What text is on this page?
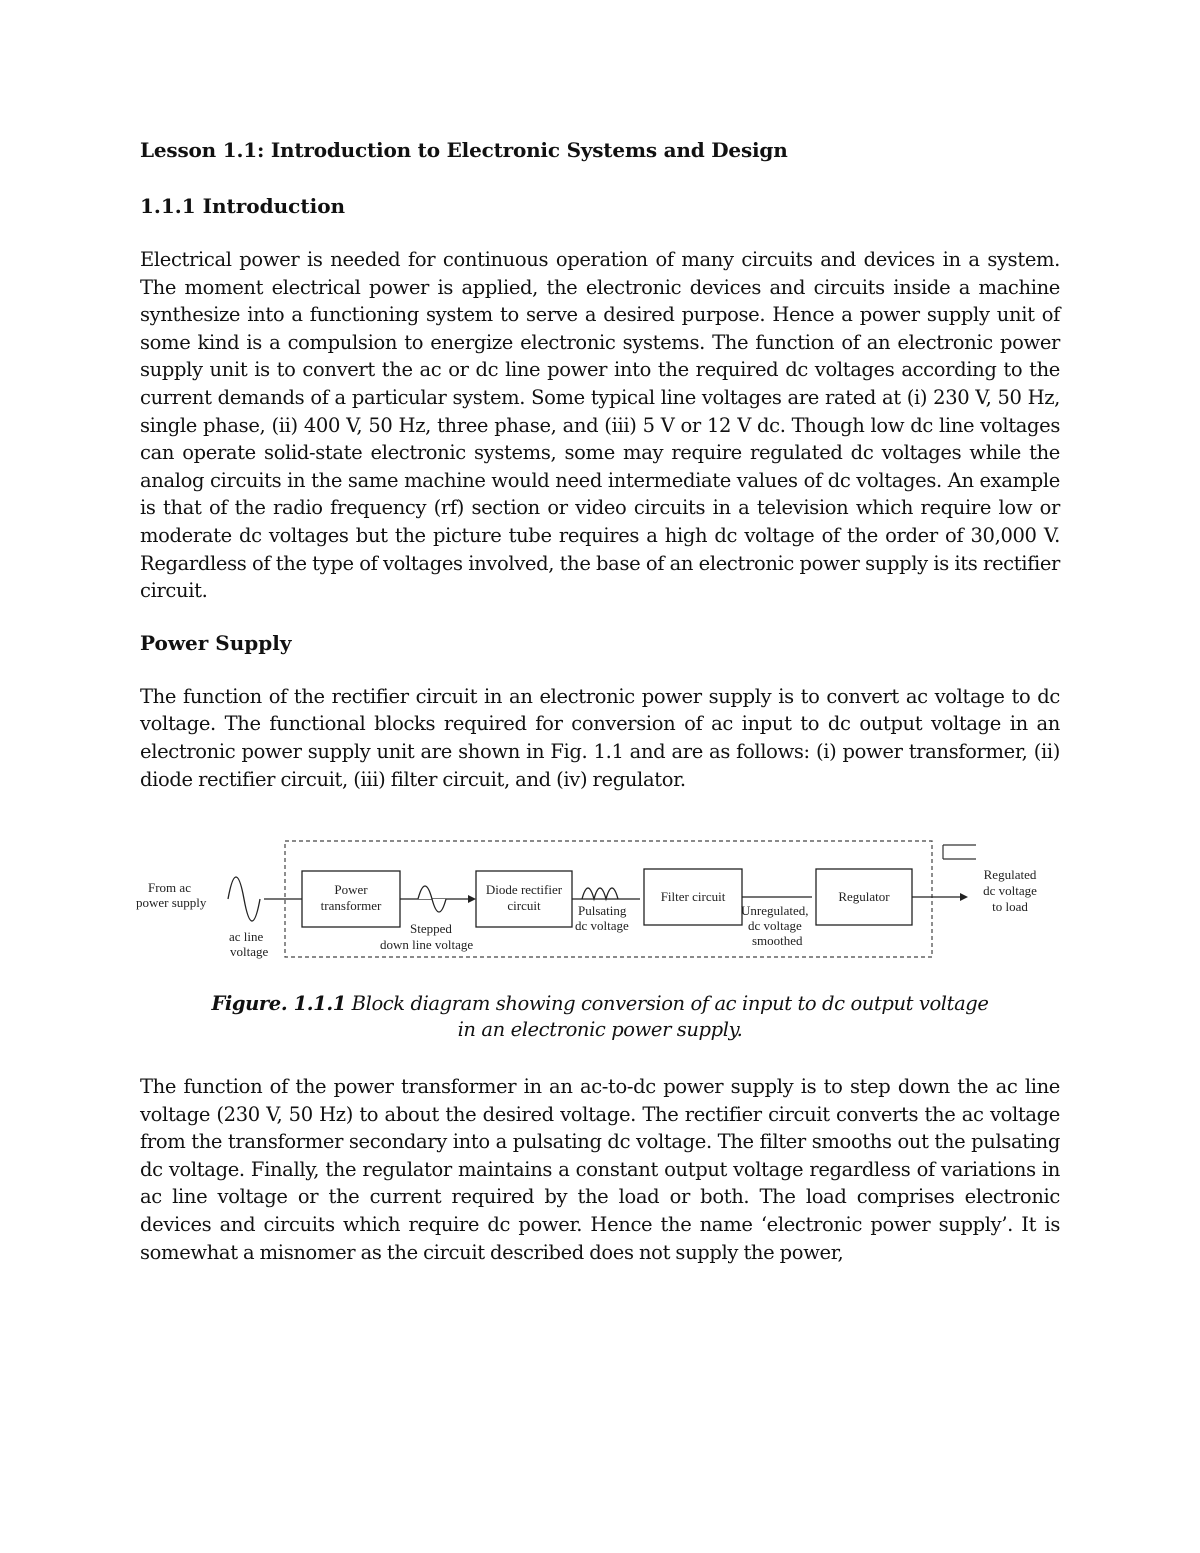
Lesson 1.1: Introduction to Electronic Systems and Design
1.1.1 Introduction

Electrical power is needed for continuous operation of many circuits and devices in a system. The moment electrical power is applied, the electronic devices and circuits inside a machine synthesize into a functioning system to serve a desired purpose. Hence a power supply unit of some kind is a compulsion to energize electronic systems. The function of an electronic power supply unit is to convert the ac or dc line power into the required dc voltages according to the current demands of a particular system. Some typical line voltages are rated at (i) 230 V, 50 Hz, single phase, (ii) 400 V, 50 Hz, three phase, and (iii) 5 V or 12 V dc. Though low dc line voltages can operate solid-state electronic systems, some may require regulated dc voltages while the analog circuits in the same machine would need intermediate values of dc voltages. An example is that of the radio frequency (rf) section or video circuits in a television which require low or moderate dc voltages but the picture tube requires a high dc voltage of the order of 30,000 V. Regardless of the type of voltages involved, the base of an electronic power supply is its rectifier circuit.

Power Supply

The function of the rectifier circuit in an electronic power supply is to convert ac voltage to dc voltage. The functional blocks required for conversion of ac input to dc output voltage in an electronic power supply unit are shown in Fig. 1.1 and are as follows: (i) power transformer, (ii) diode rectifier circuit, (iii) filter circuit, and (iv) regulator.

From ac
power supply
ac line
voltage
Power
transformer
Stepped
down line voltage
Diode rectifier
circuit	Pulsating
dc voltage
Filter circuit
Unregulated,
dc voltage
smoothed
Regulator
Regulated
dc voltage
to load
Figure. 1.1.1 Block diagram showing conversion of ac input to dc output voltage
in an electronic power supply.

The function of the power transformer in an ac-to-dc power supply is to step down the ac line voltage (230 V, 50 Hz) to about the desired voltage. The rectifier circuit converts the ac voltage from the transformer secondary into a pulsating dc voltage. The filter smooths out the pulsating dc voltage. Finally, the regulator maintains a constant output voltage regardless of variations in ac line voltage or the current required by the load or both. The load comprises electronic devices and circuits which require dc power. Hence the name ‘electronic power supply’. It is somewhat a misnomer as the circuit described does not supply the power,
